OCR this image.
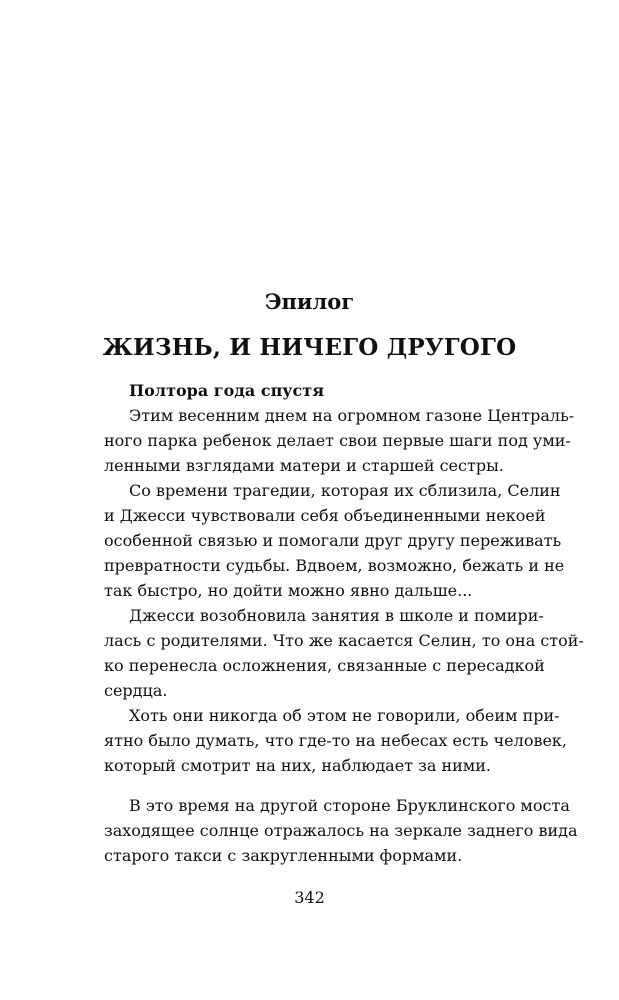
Эпилог
ЖИЗНЬ, И НИЧЕГО ДРУГОГО
Полтора года спустя
Этим весенним днем на огромном газоне Централь-
ного парка ребенок делает свои первые шаги под уми-
ленными взглядами матери и старшей сестры.
Со времени трагедии, которая их сблизила, Селин
и Джесси чувствовали себя объединенными некоей
особенной связью и помогали друг другу переживать
превратности судьбы. Вдвоем, возможно, бежать и не
так быстро, но дойти можно явно дальше...
Джесси возобновила занятия в школе и помири-
лась с родителями. Что же касается Селин, то она стой-
ко перенесла осложнения, связанные с пересадкой
сердца.
Хоть они никогда об этом не говорили, обеим при-
ятно было думать, что где-то на небесах есть человек,
который смотрит на них, наблюдает за ними.
В это время на другой стороне Бруклинского моста
заходящее солнце отражалось на зеркале заднего вида
старого такси с закругленными формами.
342
